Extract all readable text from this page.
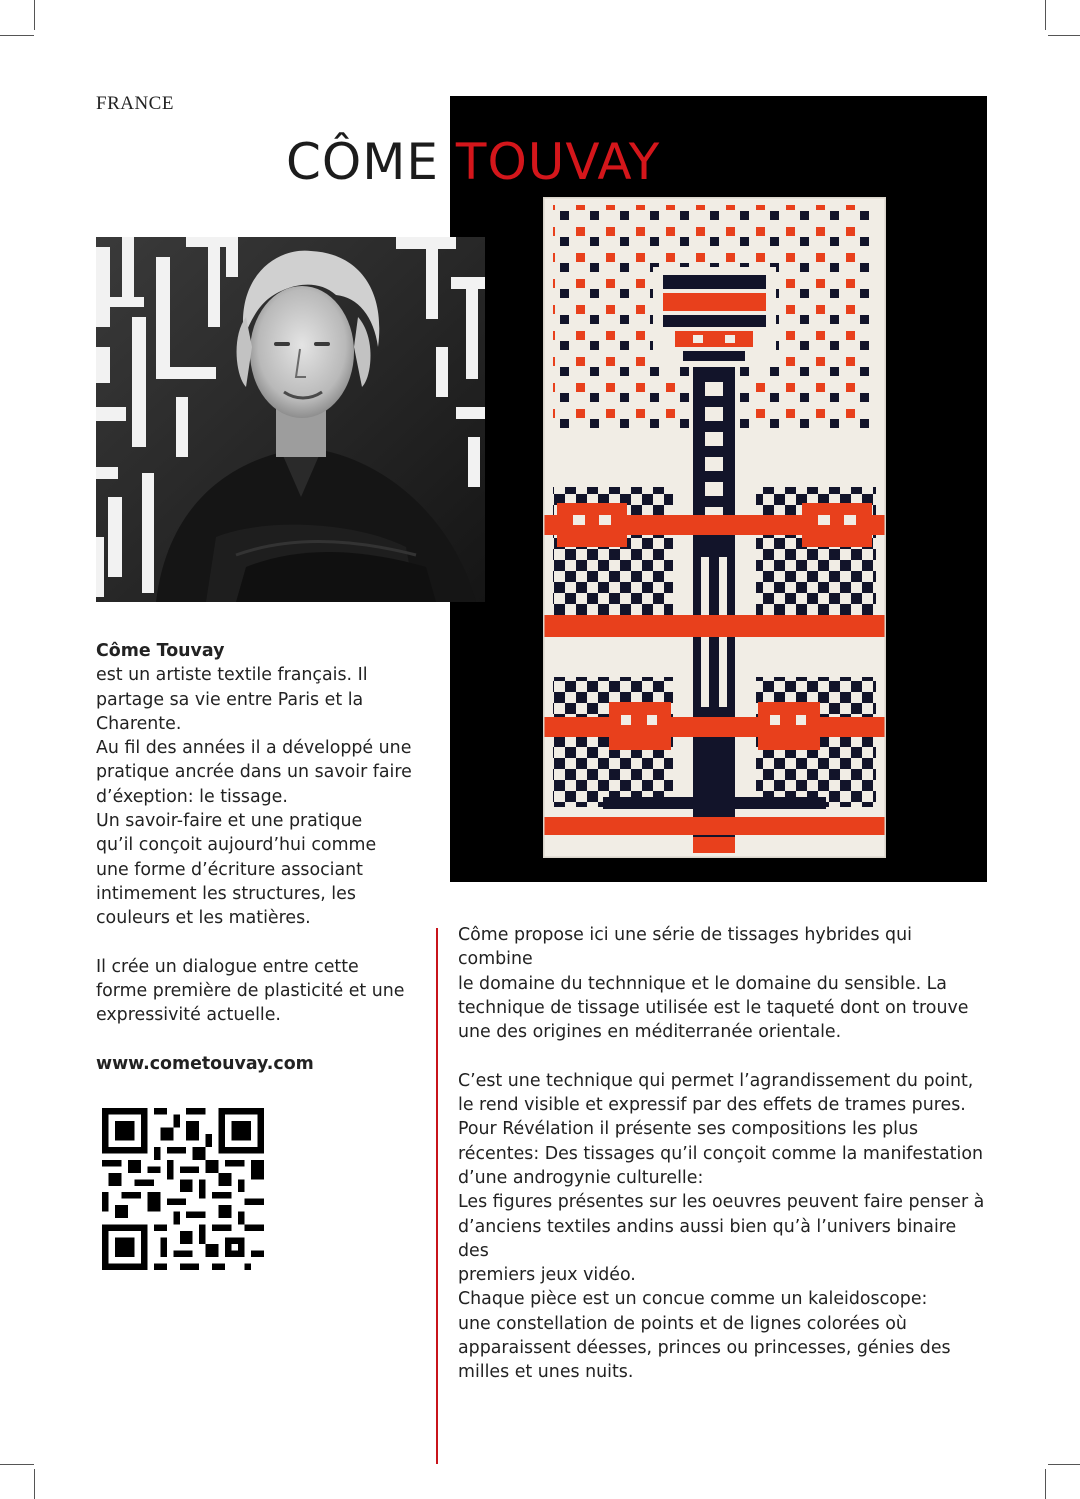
FRANCE
CÔME TOUVAY

Côme Touvay

est un artiste textile français. Il

partage sa vie entre Paris et la

Charente.

Au fil des années il a développé une

pratique ancrée dans un savoir faire

d’éxeption: le tissage.

Un savoir-faire et une pratique

qu’il conçoit aujourd’hui comme

une forme d’écriture associant

intimement les structures, les

couleurs et les matières.

Il crée un dialogue entre cette

forme première de plasticité et une

expressivité actuelle.

www.cometouvay.com

Côme propose ici une série de tissages hybrides qui combine

le domaine du technnique et le domaine du sensible. La

technique de tissage utilisée est le taqueté dont on trouve

une des origines en méditerranée orientale.

C’est une technique qui permet l’agrandissement du point,

le rend visible et expressif par des effets de trames pures.

Pour Révélation il présente ses compositions les plus

récentes: Des tissages qu’il conçoit comme la manifestation

d’une androgynie culturelle:

Les figures présentes sur les oeuvres peuvent faire penser à

d’anciens textiles andins aussi bien qu’à l’univers binaire des

premiers jeux vidéo.

Chaque pièce est un concue comme un kaleidoscope:

une constellation de points et de lignes colorées où

apparaissent déesses, princes ou princesses, génies des

milles et unes nuits.
